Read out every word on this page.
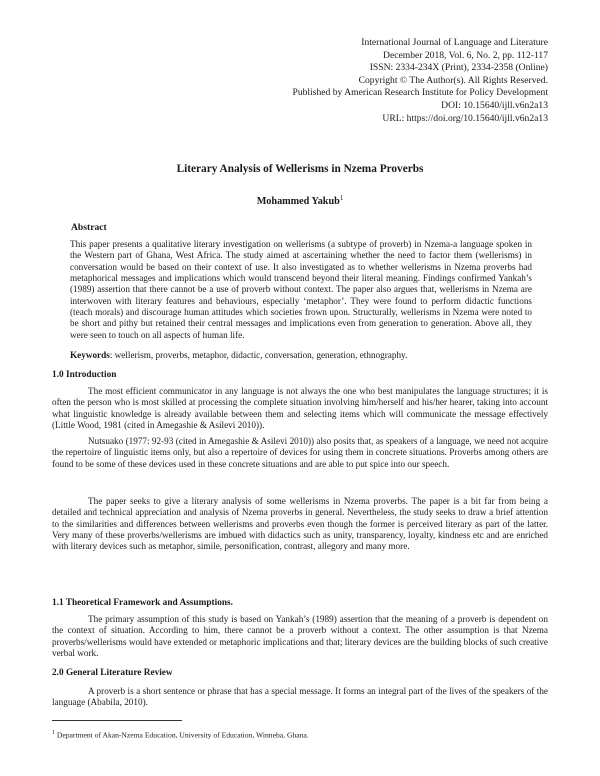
International Journal of Language and Literature
December 2018, Vol. 6, No. 2, pp. 112-117
ISSN: 2334-234X (Print), 2334-2358 (Online)
Copyright © The Author(s). All Rights Reserved.
Published by American Research Institute for Policy Development
DOI: 10.15640/ijll.v6n2a13
URL: https://doi.org/10.15640/ijll.v6n2a13
Literary Analysis of Wellerisms in Nzema Proverbs
Mohammed Yakub$^1$
Abstract
This paper presents a qualitative literary investigation on wellerisms (a subtype of proverb) in Nzema-a language spoken in the Western part of Ghana, West Africa. The study aimed at ascertaining whether the need to factor them (wellerisms) in conversation would be based on their context of use. It also investigated as to whether wellerisms in Nzema proverbs had metaphorical messages and implications which would transcend beyond their literal meaning. Findings confirmed Yankah’s (1989) assertion that there cannot be a use of proverb without context. The paper also argues that, wellerisms in Nzema are interwoven with literary features and behaviours, especially ‘metaphor’. They were found to perform didactic functions (teach morals) and discourage human attitudes which societies frown upon. Structurally, wellerisms in Nzema were noted to be short and pithy but retained their central messages and implications even from generation to generation. Above all, they were seen to touch on all aspects of human life.
Keywords: wellerism, proverbs, metaphor, didactic, conversation, generation, ethnography.
1.0 Introduction
The most efficient communicator in any language is not always the one who best manipulates the language structures; it is often the person who is most skilled at processing the complete situation involving him/herself and his/her hearer, taking into account what linguistic knowledge is already available between them and selecting items which will communicate the message effectively (Little Wood, 1981 (cited in Amegashie & Asilevi 2010)).
Nutsuako (1977: 92-93 (cited in Amegashie & Asilevi 2010)) also posits that, as speakers of a language, we need not acquire the repertoire of linguistic items only, but also a repertoire of devices for using them in concrete situations. Proverbs among others are found to be some of these devices used in these concrete situations and are able to put spice into our speech.
The paper seeks to give a literary analysis of some wellerisms in Nzema proverbs. The paper is a bit far from being a detailed and technical appreciation and analysis of Nzema proverbs in general. Nevertheless, the study seeks to draw a brief attention to the similarities and differences between wellerisms and proverbs even though the former is perceived literary as part of the latter. Very many of these proverbs/wellerisms are imbued with didactics such as unity, transparency, loyalty, kindness etc and are enriched with literary devices such as metaphor, simile, personification, contrast, allegory and many more.
1.1 Theoretical Framework and Assumptions.
The primary assumption of this study is based on Yankah’s (1989) assertion that the meaning of a proverb is dependent on the context of situation. According to him, there cannot be a proverb without a context. The other assumption is that Nzema proverbs/wellerisms would have extended or metaphoric implications and that; literary devices are the building blocks of such creative verbal work.
2.0 General Literature Review
A proverb is a short sentence or phrase that has a special message. It forms an integral part of the lives of the speakers of the language (Ababila, 2010).
$^1$ Department of Akan-Nzema Education, University of Education, Winneba, Ghana.
